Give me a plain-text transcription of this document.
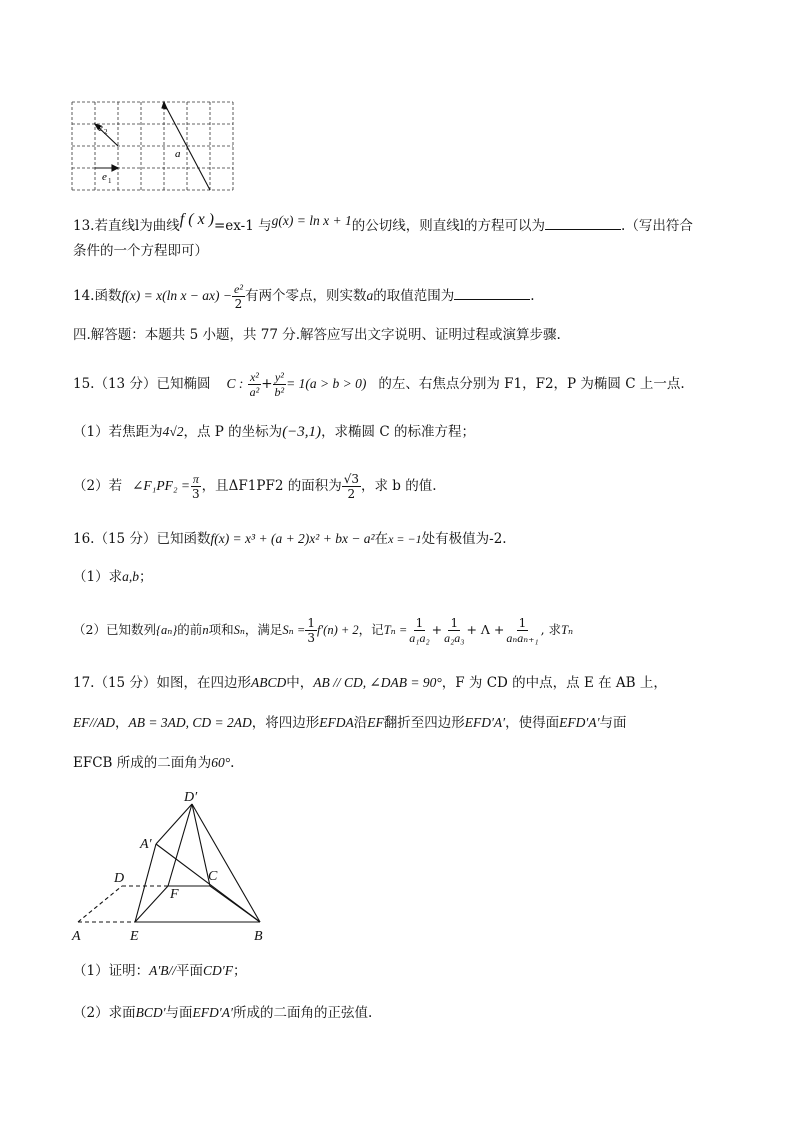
e 2
a
e 1
13.若直线l为曲线f ( x )=ex-1 与g(x) = ln x + 1的公切线，则直线l的方程可以为	.（写出符合
条件的一个方程即可）
14.函数f(x) = x(ln $x - ax) - \frac{\text{e²}}{2}$ 有两个零点，则实数a的取值范围为	.
四.解答题：本题共 5 小题，共 77 分.解答应写出文字说明、证明过程或演算步骤.
15.（13 分）已知椭圆 C : $\frac{\text{x²}}{\text{a²}} + \frac{\text{y²}}{\text{b²}} = 1(a > b > 0)$ 的左、右焦点分别为 F1，F2，P 为椭圆 C 上一点.
（1）若焦距为4√2，点 P 的坐标为(−3,1)，求椭圆 C 的标准方程；
（2）若 ∠F₁PF₂ = $\frac{\pi}{3}$ ，且ΔF1PF2 的面积为 $\frac{√3}{2}$ ，求 b 的值.
16.（15 分）已知函数f(x) = x³ + (a + 2)x² + bx − a²在x = −1处有极值为-2.
（1）求a,b；
（2）已知数列{aₙ}的前n项和Sₙ，满足$S_n = \frac{1}{3} f'(n) + 2$，记$T_n = \frac{1}{\text{a₁a₂}} + \frac{1}{\text{a₂a₃}} + \Lambda + \frac{1}{\text{aₙaₙ₊₁}}$ , 求Tₙ
17.（15 分）如图，在四边形ABCD中，AB // CD, ∠DAB = 90°，F 为 CD 的中点，点 E 在 AB 上，
EF//AD，AB = 3AD, CD = 2AD，将四边形EFDA沿EF翻折至四边形EFD′A′，使得面EFD′A′与面
EFCB 所成的二面角为60°.
D′
A′
D	C
F
A	E	B
（1）证明：A′B//平面CD′F；
（2）求面BCD′与面EFD′A′所成的二面角的正弦值.
